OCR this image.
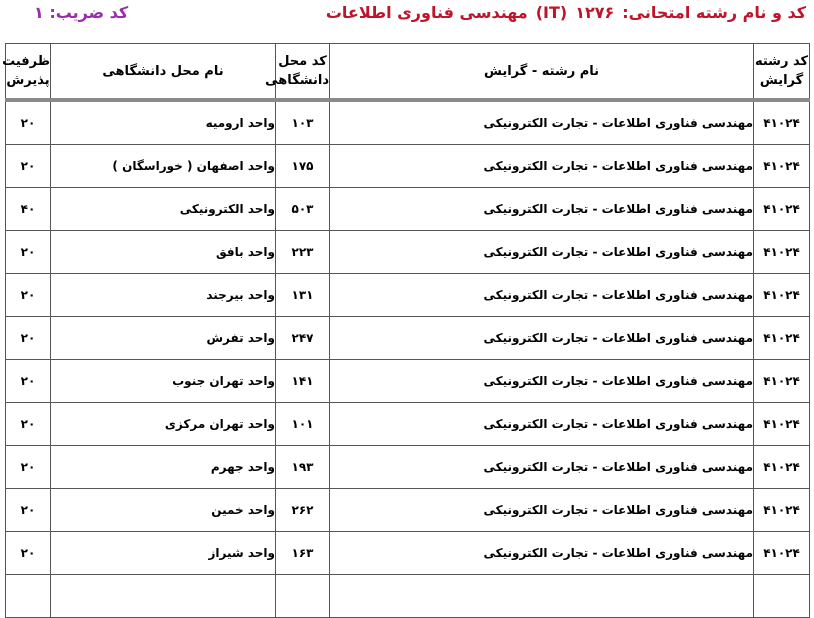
کد و نام رشته امتحانی:۱۲۷۶(IT)مهندسی فناوری اطلاعات
کد ضریب: ۱
کد رشته گرایش	نام رشته - گرایش	کد محل دانشگاهی	نام محل دانشگاهی	ظرفیت پذیرش
۴۱۰۲۴	مهندسی فناوری اطلاعات - تجارت الکترونیکی	۱۰۳	واحد ارومیه	۲۰
۴۱۰۲۴	مهندسی فناوری اطلاعات - تجارت الکترونیکی	۱۷۵	واحد اصفهان ( خوراسگان )	۲۰
۴۱۰۲۴	مهندسی فناوری اطلاعات - تجارت الکترونیکی	۵۰۳	واحد الکترونیکی	۴۰
۴۱۰۲۴	مهندسی فناوری اطلاعات - تجارت الکترونیکی	۲۲۳	واحد بافق	۲۰
۴۱۰۲۴	مهندسی فناوری اطلاعات - تجارت الکترونیکی	۱۳۱	واحد بیرجند	۲۰
۴۱۰۲۴	مهندسی فناوری اطلاعات - تجارت الکترونیکی	۲۴۷	واحد تفرش	۲۰
۴۱۰۲۴	مهندسی فناوری اطلاعات - تجارت الکترونیکی	۱۴۱	واحد تهران جنوب	۲۰
۴۱۰۲۴	مهندسی فناوری اطلاعات - تجارت الکترونیکی	۱۰۱	واحد تهران مرکزی	۲۰
۴۱۰۲۴	مهندسی فناوری اطلاعات - تجارت الکترونیکی	۱۹۳	واحد جهرم	۲۰
۴۱۰۲۴	مهندسی فناوری اطلاعات - تجارت الکترونیکی	۲۶۲	واحد خمین	۲۰
۴۱۰۲۴	مهندسی فناوری اطلاعات - تجارت الکترونیکی	۱۶۳	واحد شیراز	۲۰
